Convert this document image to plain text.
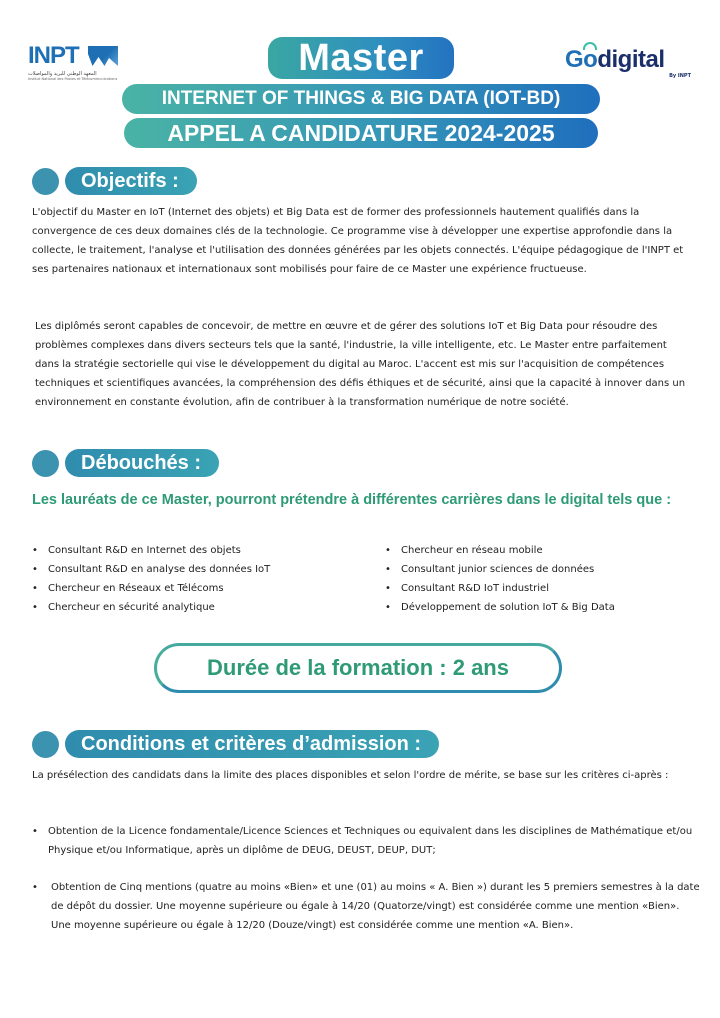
INPT
المعهد الوطني للبريد والمواصلات
Institut National des Postes et Télécommunications	Master
INTERNET OF THINGS & BIG DATA (IOT-BD)
APPEL A CANDIDATURE 2024-2025
Godigital
By INPT
Objectifs :

L'objectif du Master en IoT (Internet des objets) et Big Data est de former des professionnels hautement qualifiés dans la convergence de ces deux domaines clés de la technologie. Ce programme vise à développer une expertise approfondie dans la collecte, le traitement, l'analyse et l'utilisation des données générées par les objets connectés. L'équipe pédagogique de l'INPT et ses partenaires nationaux et internationaux sont mobilisés pour faire de ce Master une expérience fructueuse.

Les diplômés seront capables de concevoir, de mettre en œuvre et de gérer des solutions IoT et Big Data pour résoudre des problèmes complexes dans divers secteurs tels que la santé, l'industrie, la ville intelligente, etc. Le Master entre parfaitement dans la stratégie sectorielle qui vise le développement du digital au Maroc. L'accent est mis sur l'acquisition de compétences techniques et scientifiques avancées, la compréhension des défis éthiques et de sécurité, ainsi que la capacité à innover dans un environnement en constante évolution, afin de contribuer à la transformation numérique de notre société.

Débouchés :

Les lauréats de ce Master, pourront prétendre à différentes carrières dans le digital tels que :

• Consultant R&D en Internet des objets
• Consultant R&D en analyse des données IoT
• Chercheur en Réseaux et Télécoms
• Chercheur en sécurité analytique
• Chercheur en réseau mobile
• Consultant junior sciences de données
• Consultant R&D IoT industriel
• Développement de solution IoT & Big Data
Durée de la formation : 2 ans
Conditions et critères d’admission :

La présélection des candidats dans la limite des places disponibles et selon l'ordre de mérite, se base sur les critères ci-après :

• Obtention de la Licence fondamentale/Licence Sciences et Techniques ou equivalent dans les disciplines de Mathématique et/ou Physique et/ou Informatique, après un diplôme de DEUG, DEUST, DEUP, DUT;
• Obtention de Cinq mentions (quatre au moins «Bien» et une (01) au moins « A. Bien ») durant les 5 premiers semestres à la date de dépôt du dossier. Une moyenne supérieure ou égale à 14/20 (Quatorze/vingt) est considérée comme une mention «Bien». Une moyenne supérieure ou égale à 12/20 (Douze/vingt) est considérée comme une mention «A. Bien».
